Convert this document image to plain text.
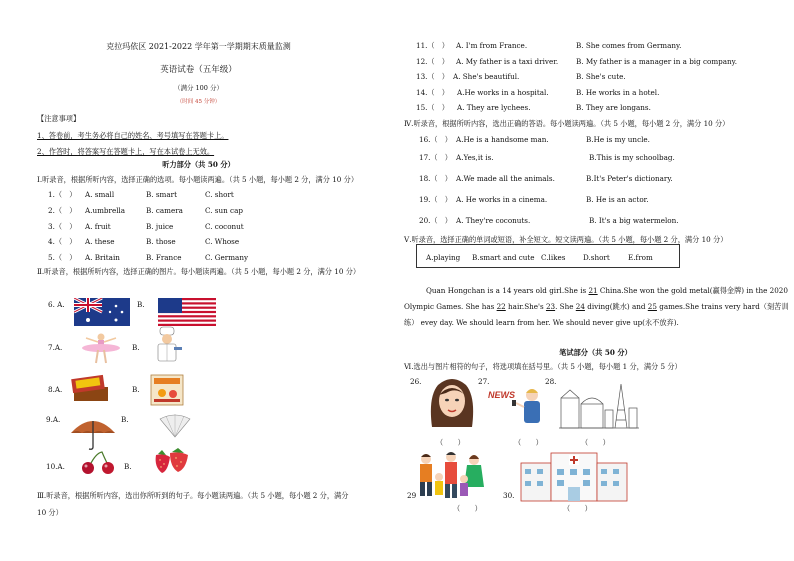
克拉玛依区 2021-2022 学年第一学期期末质量监测
英语试卷（五年级）
（满分 100 分）
（时间 45 分钟）
【注意事项】
1、答卷前，考生务必将自己的姓名、考号填写在答题卡上。
2、作答时，将答案写在答题卡上，写在本试卷上无效。
听力部分（共 50 分）
Ⅰ.听录音，根据所听内容，选择正确的选项。每小题读两遍。（共 5 小题，每小题 2 分，满分 10 分）
1.（　） A. small	B. smart	C. short
2.（　） A.umbrella	B. camera	C. sun cap
3.（　） A. fruit	B. juice	C. coconut
4.（　） A. these	B. those	C. Whose
5.（　） A. Britain	B. France	C. Germany
Ⅱ.听录音，根据所听内容，选择正确的图片。每小题读两遍。（共 5 小题，每小题 2 分，满分 10 分）
6. A.	B.
7.A.	B.
8.A.	B.
9.A.	B.
10.A.	B.
Ⅲ.听录音，根据所听内容，选出你所听到的句子。每小题读两遍。（共 5 小题，每小题 2 分，满分
10 分）
11.（　） A. I'm from France.	B. She comes from Germany.
12.（　） A. My father is a taxi driver. B. My father is a manager in a big company.
13.（　） A. She's beautiful.	B. She's cute.
14.（　） A.He works in a hospital.	B. He works in a hotel.
15.（　） A. They are lychees.	B. They are longans.
Ⅳ.听录音，根据所听内容，选出正确的答语。每小题读两遍。（共 5 小题，每小题 2 分，满分 10 分）
16.（　） A.He is a handsome man.	B.He is my uncle.
17.（　） A.Yes,it is.	B.This is my schoolbag.
18.（　） A.We made all the animals.	B.It's Peter's dictionary.
19.（　） A. He works in a cinema.	B. He is an actor.
20.（　） A. They're coconuts.	B. It's a big watermelon.
Ⅴ.听录音，选择正确的单词或短语，补全短文。短文读两遍。（共 5 小题，每小题 2 分，满分 10 分）
A.playing B.smart and cute C.likes D.short	E.from
Quan Hongchan is a 14 years old girl.She is 21 China.She won the gold metal(赢得金牌) in the 2020
Olympic Games. She has 22 hair.She's 23. She 24 diving(跳水) and 25 games.She trains very hard（刻苦训
练） evey day. We should learn from her. We should never give up(永不放弃).
笔试部分（共 50 分）
Ⅵ.选出与图片相符的句子，将选项填在括号里。（共 5 小题，每小题 1 分，满分 5 分）
26.
（　　）
27.
NEWS
（　　）
28.
（　　）
29
（　　）
30.
（　　）
